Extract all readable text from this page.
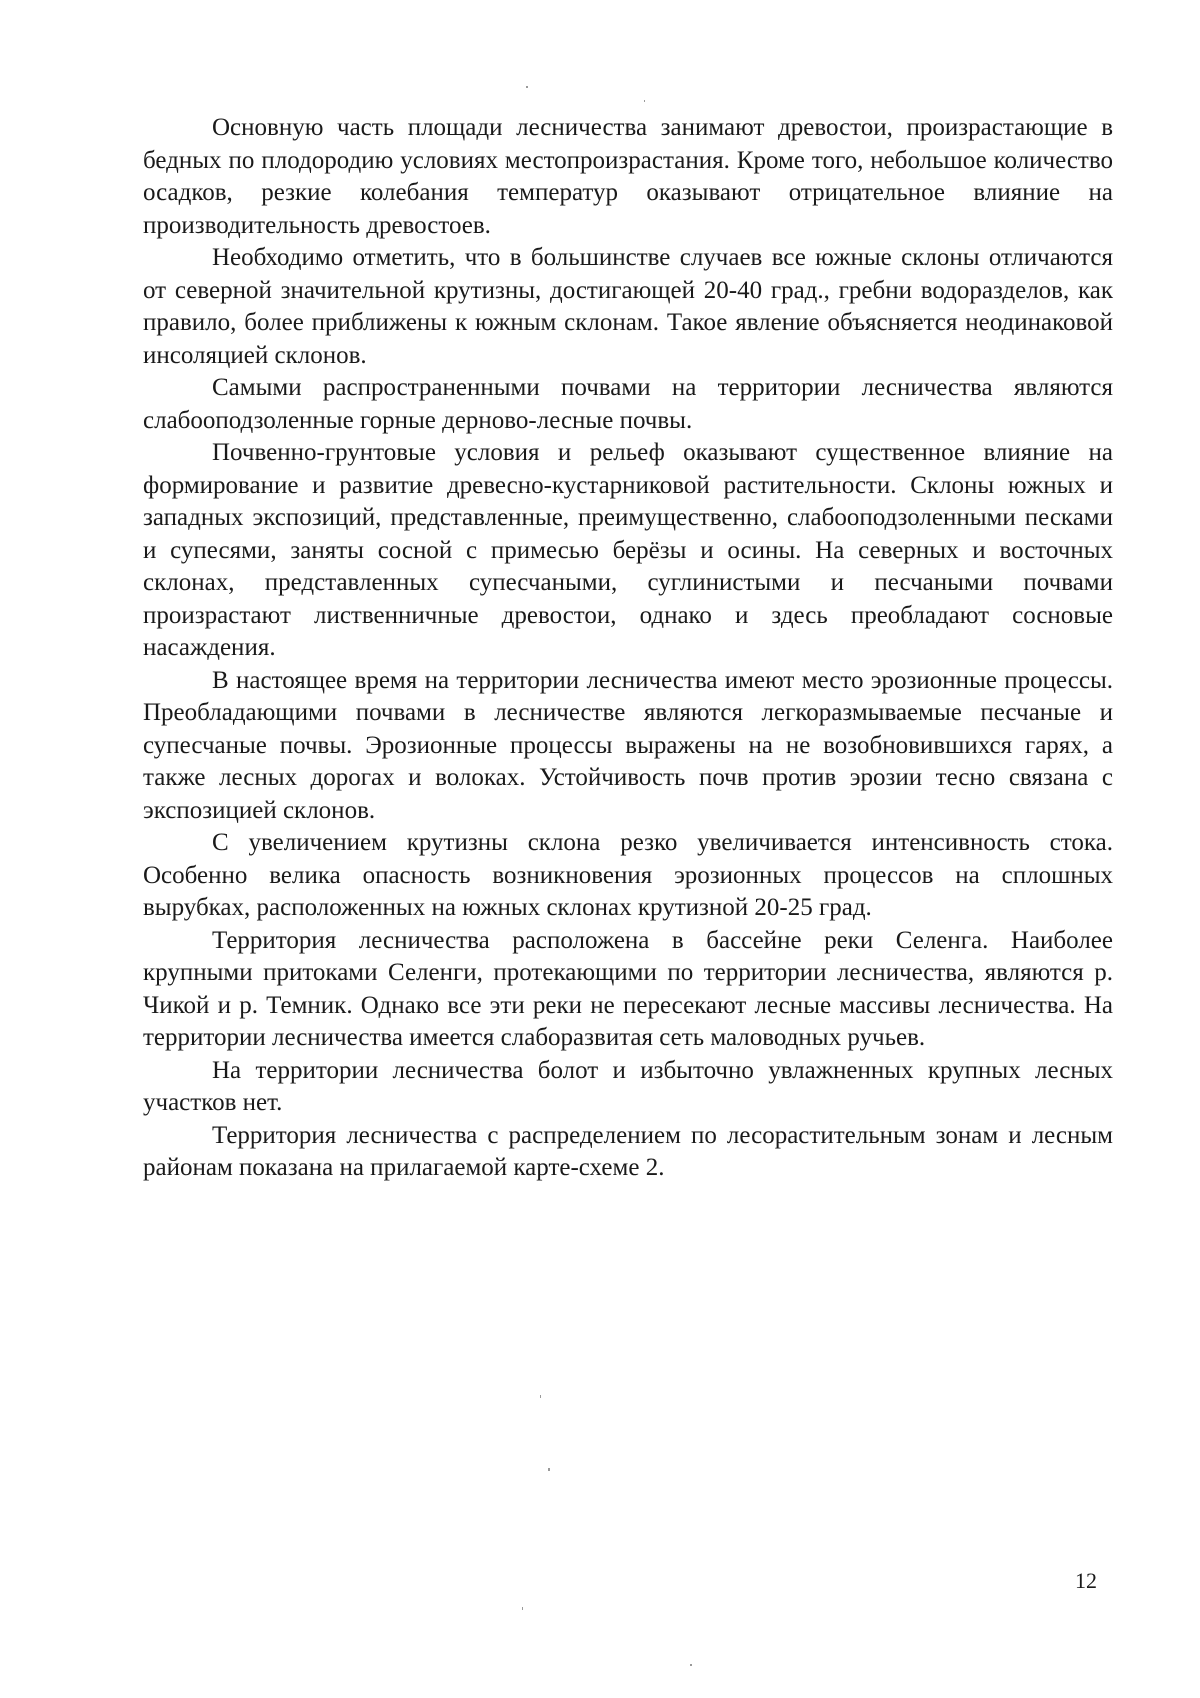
Основную часть площади лесничества занимают древостои, произрастающие в бедных по плодородию условиях местопроизрастания. Кроме того, небольшое количество осадков, резкие колебания температур оказывают отрицательное влияние на производительность древостоев.

Необходимо отметить, что в большинстве случаев все южные склоны отличаются от северной значительной крутизны, достигающей 20-40 град., гребни водоразделов, как правило, более приближены к южным склонам. Такое явление объясняется неодинаковой инсоляцией склонов.

Самыми распространенными почвами на территории лесничества являются слабооподзоленные горные дерново-лесные почвы.

Почвенно-грунтовые условия и рельеф оказывают существенное влияние на формирование и развитие древесно-кустарниковой растительности. Склоны южных и западных экспозиций, представленные, преимущественно, слабооподзоленными песками и супесями, заняты сосной с примесью берёзы и осины. На северных и восточных склонах, представленных супесчаными, суглинистыми и песчаными почвами произрастают лиственничные древостои, однако и здесь преобладают сосновые насаждения.

В настоящее время на территории лесничества имеют место эрозионные процессы. Преобладающими почвами в лесничестве являются легкоразмываемые песчаные и супесчаные почвы. Эрозионные процессы выражены на не возобновившихся гарях, а также лесных дорогах и волоках. Устойчивость почв против эрозии тесно связана с экспозицией склонов.

С увеличением крутизны склона резко увеличивается интенсивность стока. Особенно велика опасность возникновения эрозионных процессов на сплошных вырубках, расположенных на южных склонах крутизной 20-25 град.

Территория лесничества расположена в бассейне реки Селенга. Наиболее крупными притоками Селенги, протекающими по территории лесничества, являются р. Чикой и р. Темник. Однако все эти реки не пересекают лесные массивы лесничества. На территории лесничества имеется слаборазвитая сеть маловодных ручьев.

На территории лесничества болот и избыточно увлажненных крупных лесных участков нет.

Территория лесничества с распределением по лесорастительным зонам и лесным районам показана на прилагаемой карте-схеме 2.

12
